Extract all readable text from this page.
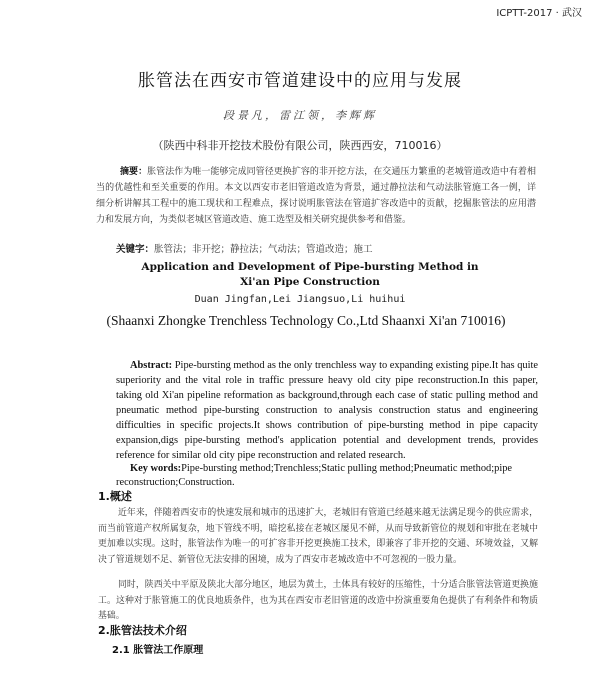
ICPTT-2017 · 武汉
胀管法在西安市管道建设中的应用与发展
段景凡，雷江领，李辉辉
（陕西中科非开挖技术股份有限公司，陕西西安，710016）
摘要：胀管法作为唯一能够完成同管径更换扩容的非开挖方法，在交通压力繁重的老城管道改造中有着相当的优越性和至关重要的作用。本文以西安市老旧管道改造为背景，通过静拉法和气动法胀管施工各一例，详细分析讲解其工程中的施工现状和工程难点，探讨说明胀管法在管道扩容改造中的贡献，挖掘胀管法的应用潜力和发展方向，为类似老城区管道改造、施工选型及相关研究提供参考和借鉴。
关键字：胀管法；非开挖；静拉法；气动法；管道改造；施工
Application and Development of Pipe-bursting Method in Xi'an Pipe Construction
Duan Jingfan,Lei Jiangsuo,Li huihui
(Shaanxi Zhongke Trenchless Technology Co.,Ltd Shaanxi Xi'an 710016)
Abstract: Pipe-bursting method as the only trenchless way to expanding existing pipe.It has quite superiority and the vital role in traffic pressure heavy old city pipe reconstruction.In this paper, taking old Xi'an pipeline reformation as background,through each case of static pulling method and pneumatic method pipe-bursting construction to analysis construction status and engineering difficulties in specific projects.It shows contribution of pipe-bursting method in pipe capacity expansion,digs pipe-bursting method's application potential and development trends, provides reference for similar old city pipe reconstruction and related research.
Key words:Pipe-bursting method;Trenchless;Static pulling method;Pneumatic method;pipe reconstruction;Construction.
1.概述
近年来，伴随着西安市的快速发展和城市的迅速扩大，老城旧有管道已经越来越无法满足现今的供应需求，而当前管道产权所属复杂，地下管线不明，暗挖私接在老城区屡见不鲜，从而导致新管位的规划和审批在老城中更加难以实现。这时，胀管法作为唯一的可扩容非开挖更换施工技术，即兼容了非开挖的交通、环境效益，又解决了管道规划不足、新管位无法安排的困境，成为了西安市老城改造中不可忽视的一股力量。
同时，陕西关中平原及陕北大部分地区，地层为黄土，土体具有较好的压缩性，十分适合胀管法管道更换施工。这种对于胀管施工的优良地质条件，也为其在西安市老旧管道的改造中扮演重要角色提供了有利条件和物质基础。
2.胀管法技术介绍
2.1 胀管法工作原理
